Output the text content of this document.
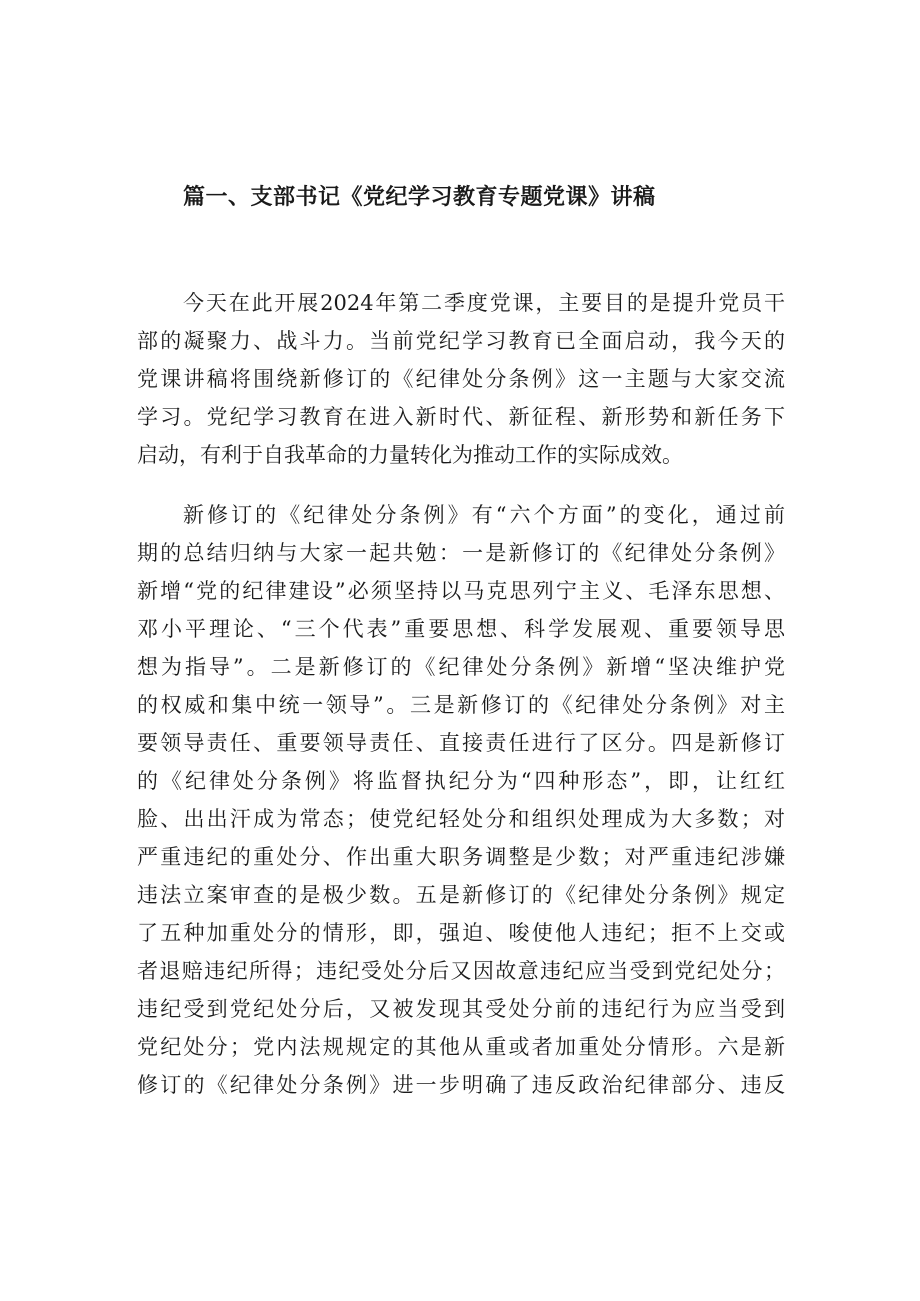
篇一、支部书记《党纪学习教育专题党课》讲稿

今天在此开展2024年第二季度党课，主要目的是提升党员干

部的凝聚力、战斗力。当前党纪学习教育已全面启动，我今天的

党课讲稿将围绕新修订的《纪律处分条例》这一主题与大家交流

学习。党纪学习教育在进入新时代、新征程、新形势和新任务下

启动，有利于自我革命的力量转化为推动工作的实际成效。

新修订的《纪律处分条例》有“六个方面”的变化，通过前

期的总结归纳与大家一起共勉：一是新修订的《纪律处分条例》

新增“党的纪律建设”必须坚持以马克思列宁主义、毛泽东思想、

邓小平理论、“三个代表”重要思想、科学发展观、重要领导思

想为指导”。二是新修订的《纪律处分条例》新增“坚决维护党

的权威和集中统一领导”。三是新修订的《纪律处分条例》对主

要领导责任、重要领导责任、直接责任进行了区分。四是新修订

的《纪律处分条例》将监督执纪分为“四种形态”，即，让红红

脸、出出汗成为常态；使党纪轻处分和组织处理成为大多数；对

严重违纪的重处分、作出重大职务调整是少数；对严重违纪涉嫌

违法立案审查的是极少数。五是新修订的《纪律处分条例》规定

了五种加重处分的情形，即，强迫、唆使他人违纪；拒不上交或

者退赔违纪所得；违纪受处分后又因故意违纪应当受到党纪处分；

违纪受到党纪处分后，又被发现其受处分前的违纪行为应当受到

党纪处分；党内法规规定的其他从重或者加重处分情形。六是新

修订的《纪律处分条例》进一步明确了违反政治纪律部分、违反
